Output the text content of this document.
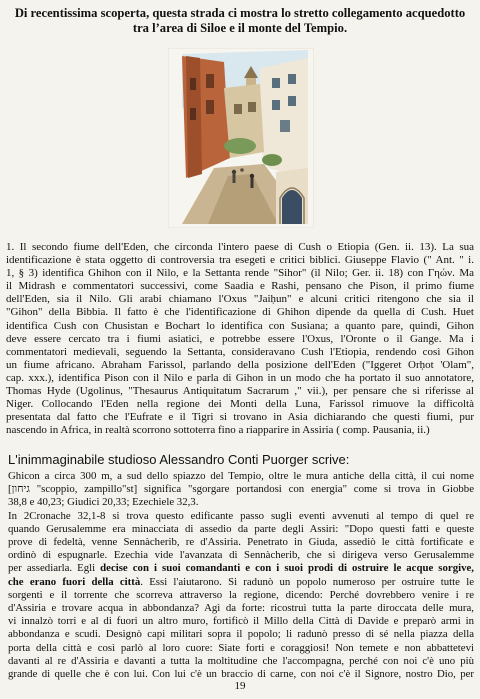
Di recentissima scoperta, questa strada ci mostra lo stretto collegamento acquedotto
tra l’area di Siloe e il monte del Tempio.
1. Il secondo fiume dell'Eden, che circonda l'intero paese di Cush o Etiopia (Gen. ii. 13). La sua
identificazione è stata oggetto di controversia tra esegeti e critici biblici. Giuseppe Flavio (" Ant. " i.
1, § 3) identifica Ghihon con il Nilo, e la Settanta rende "Sihor" (il Nilo; Ger. ii. 18) con Γηών. Ma
il Midrash e commentatori successivi, come Saadia e Rashi, pensano che Pison, il primo fiume
dell'Eden, sia il Nilo. Gli arabi chiamano l'Oxus "Jaiḥun" e alcuni critici ritengono che sia il
"Gihon" della Bibbia. Il fatto è che l'identificazione di Ghihon dipende da quella di Cush. Huet
identifica Cush con Chusistan e Bochart lo identifica con Susiana; a quanto pare, quindi, Gihon
deve essere cercato tra i fiumi asiatici, e potrebbe essere l'Oxus, l'Oronte o il Gange. Ma i
commentatori medievali, seguendo la Settanta, consideravano Cush l'Etiopia, rendendo così Gihon
un fiume africano. Abraham Farissol, parlando della posizione dell'Eden ("Iggeret Orḥot 'Olam",
cap. xxx.), identifica Pison con il Nilo e parla di Gihon in un modo che ha portato il suo annotatore,
Thomas Hyde (Ugolinus, "Thesaurus Antiquitatum Sacrarum ," vii.), per pensare che si riferisse al
Niger. Collocando l'Eden nella regione dei Monti della Luna, Farissol rimuove la difficoltà
presentata dal fatto che l'Eufrate e il Tigri si trovano in Asia dichiarando che questi fiumi, pur
nascendo in Africa, in realtà scorrono sottoterra fino a riapparire in Assiria ( comp. Pausania, ii.)
L'inimmaginabile studioso Alessandro Conti Puorger scrive:
Ghicon a circa 300 m, a sud dello spiazzo del Tempio, oltre le mura antiche della città, il cui nome
[גיחון "scoppio, zampillo"st] significa "sgorgare portandosi con energia" come si trova in Giobbe
38,8 e 40,23; Giudici 20,33; Ezechiele 32,3.
In 2Cronache 32,1-8 si trova questo edificante passo sugli eventi avvenuti al tempo di quel re
quando Gerusalemme era minacciata di assedio da parte degli Assiri: "Dopo questi fatti e queste
prove di fedeltà, venne Sennàcherib, re d'Assiria. Penetrato in Giuda, assediò le città fortificate e
ordinò di espugnarle. Ezechia vide l'avanzata di Sennàcherib, che si dirigeva verso Gerusalemme
per assediarla. Egli decise con i suoi comandanti e con i suoi prodi di ostruire le acque sorgive,
che erano fuori della città. Essi l'aiutarono. Si radunò un popolo numeroso per ostruire tutte le
sorgenti e il torrente che scorreva attraverso la regione, dicendo: Perché dovrebbero venire i re
d'Assiria e trovare acqua in abbondanza? Agì da forte: ricostruì tutta la parte diroccata delle mura,
vi innalzò torri e al di fuori un altro muro, fortificò il Millo della Città di Davide e preparò armi in
abbondanza e scudi. Designò capi militari sopra il popolo; li radunò presso di sé nella piazza della
porta della città e così parlò al loro cuore: Siate forti e coraggiosi! Non temete e non abbattetevi
davanti al re d'Assiria e davanti a tutta la moltitudine che l'accompagna, perché con noi c'è uno più
grande di quelle che è con lui. Con lui c'è un braccio di carne, con noi c'è il Signore, nostro Dio, per
19
